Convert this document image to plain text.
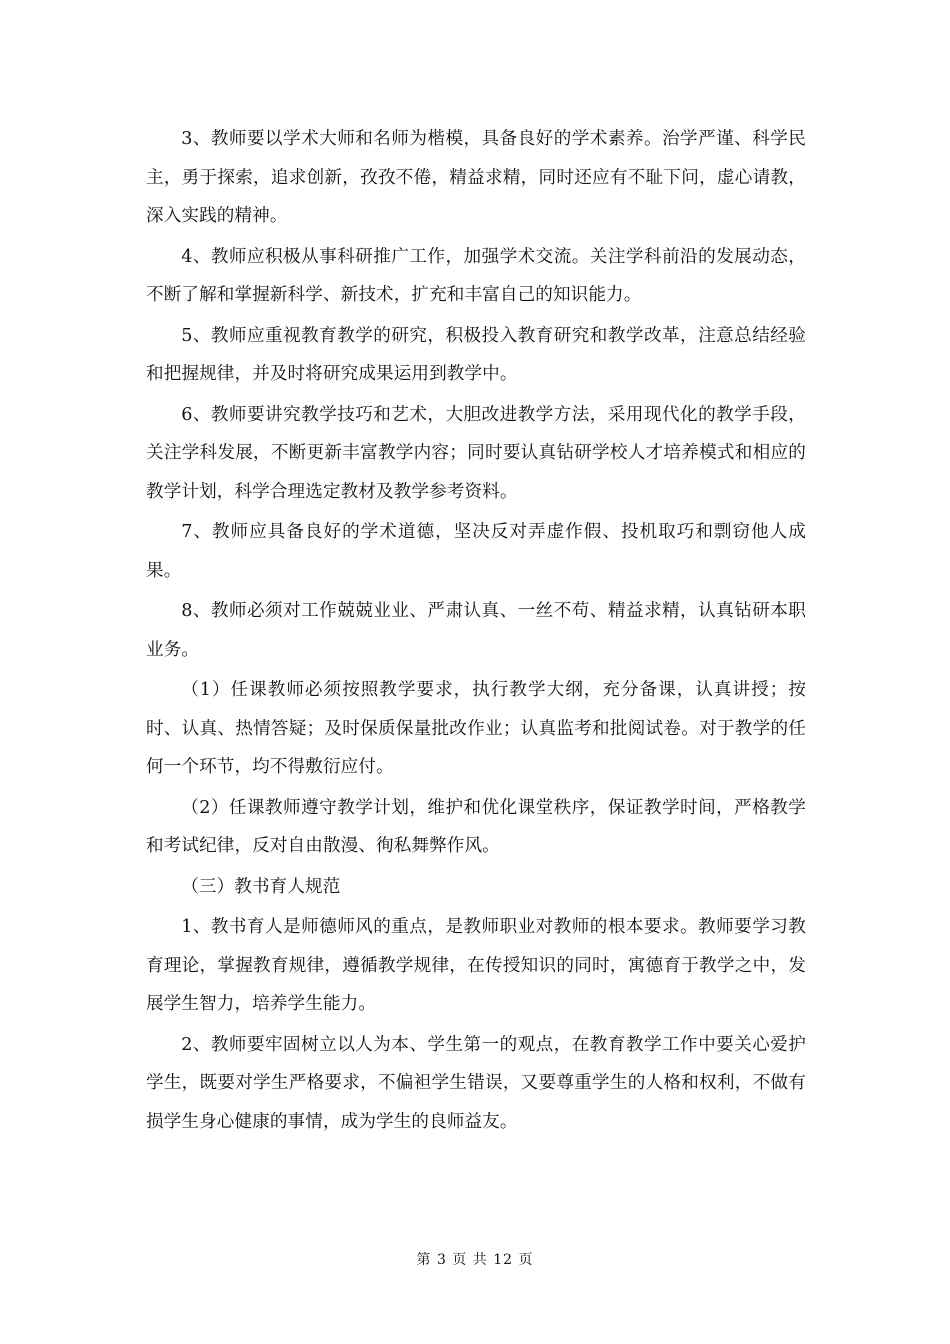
3、教师要以学术大师和名师为楷模，具备良好的学术素养。治学严谨、科学民主，勇于探索，追求创新，孜孜不倦，精益求精，同时还应有不耻下问，虚心请教，深入实践的精神。

4、教师应积极从事科研推广工作，加强学术交流。关注学科前沿的发展动态，不断了解和掌握新科学、新技术，扩充和丰富自己的知识能力。

5、教师应重视教育教学的研究，积极投入教育研究和教学改革，注意总结经验和把握规律，并及时将研究成果运用到教学中。

6、教师要讲究教学技巧和艺术，大胆改进教学方法，采用现代化的教学手段，关注学科发展，不断更新丰富教学内容；同时要认真钻研学校人才培养模式和相应的教学计划，科学合理选定教材及教学参考资料。

7、教师应具备良好的学术道德，坚决反对弄虚作假、投机取巧和剽窃他人成果。

8、教师必须对工作兢兢业业、严肃认真、一丝不苟、精益求精，认真钻研本职业务。

（1）任课教师必须按照教学要求，执行教学大纲，充分备课，认真讲授；按时、认真、热情答疑；及时保质保量批改作业；认真监考和批阅试卷。对于教学的任何一个环节，均不得敷衍应付。

（2）任课教师遵守教学计划，维护和优化课堂秩序，保证教学时间，严格教学和考试纪律，反对自由散漫、徇私舞弊作风。

（三）教书育人规范

1、教书育人是师德师风的重点，是教师职业对教师的根本要求。教师要学习教育理论，掌握教育规律，遵循教学规律，在传授知识的同时，寓德育于教学之中，发展学生智力，培养学生能力。

2、教师要牢固树立以人为本、学生第一的观点，在教育教学工作中要关心爱护学生，既要对学生严格要求，不偏袒学生错误，又要尊重学生的人格和权利，不做有损学生身心健康的事情，成为学生的良师益友。

第 3 页 共 12 页
